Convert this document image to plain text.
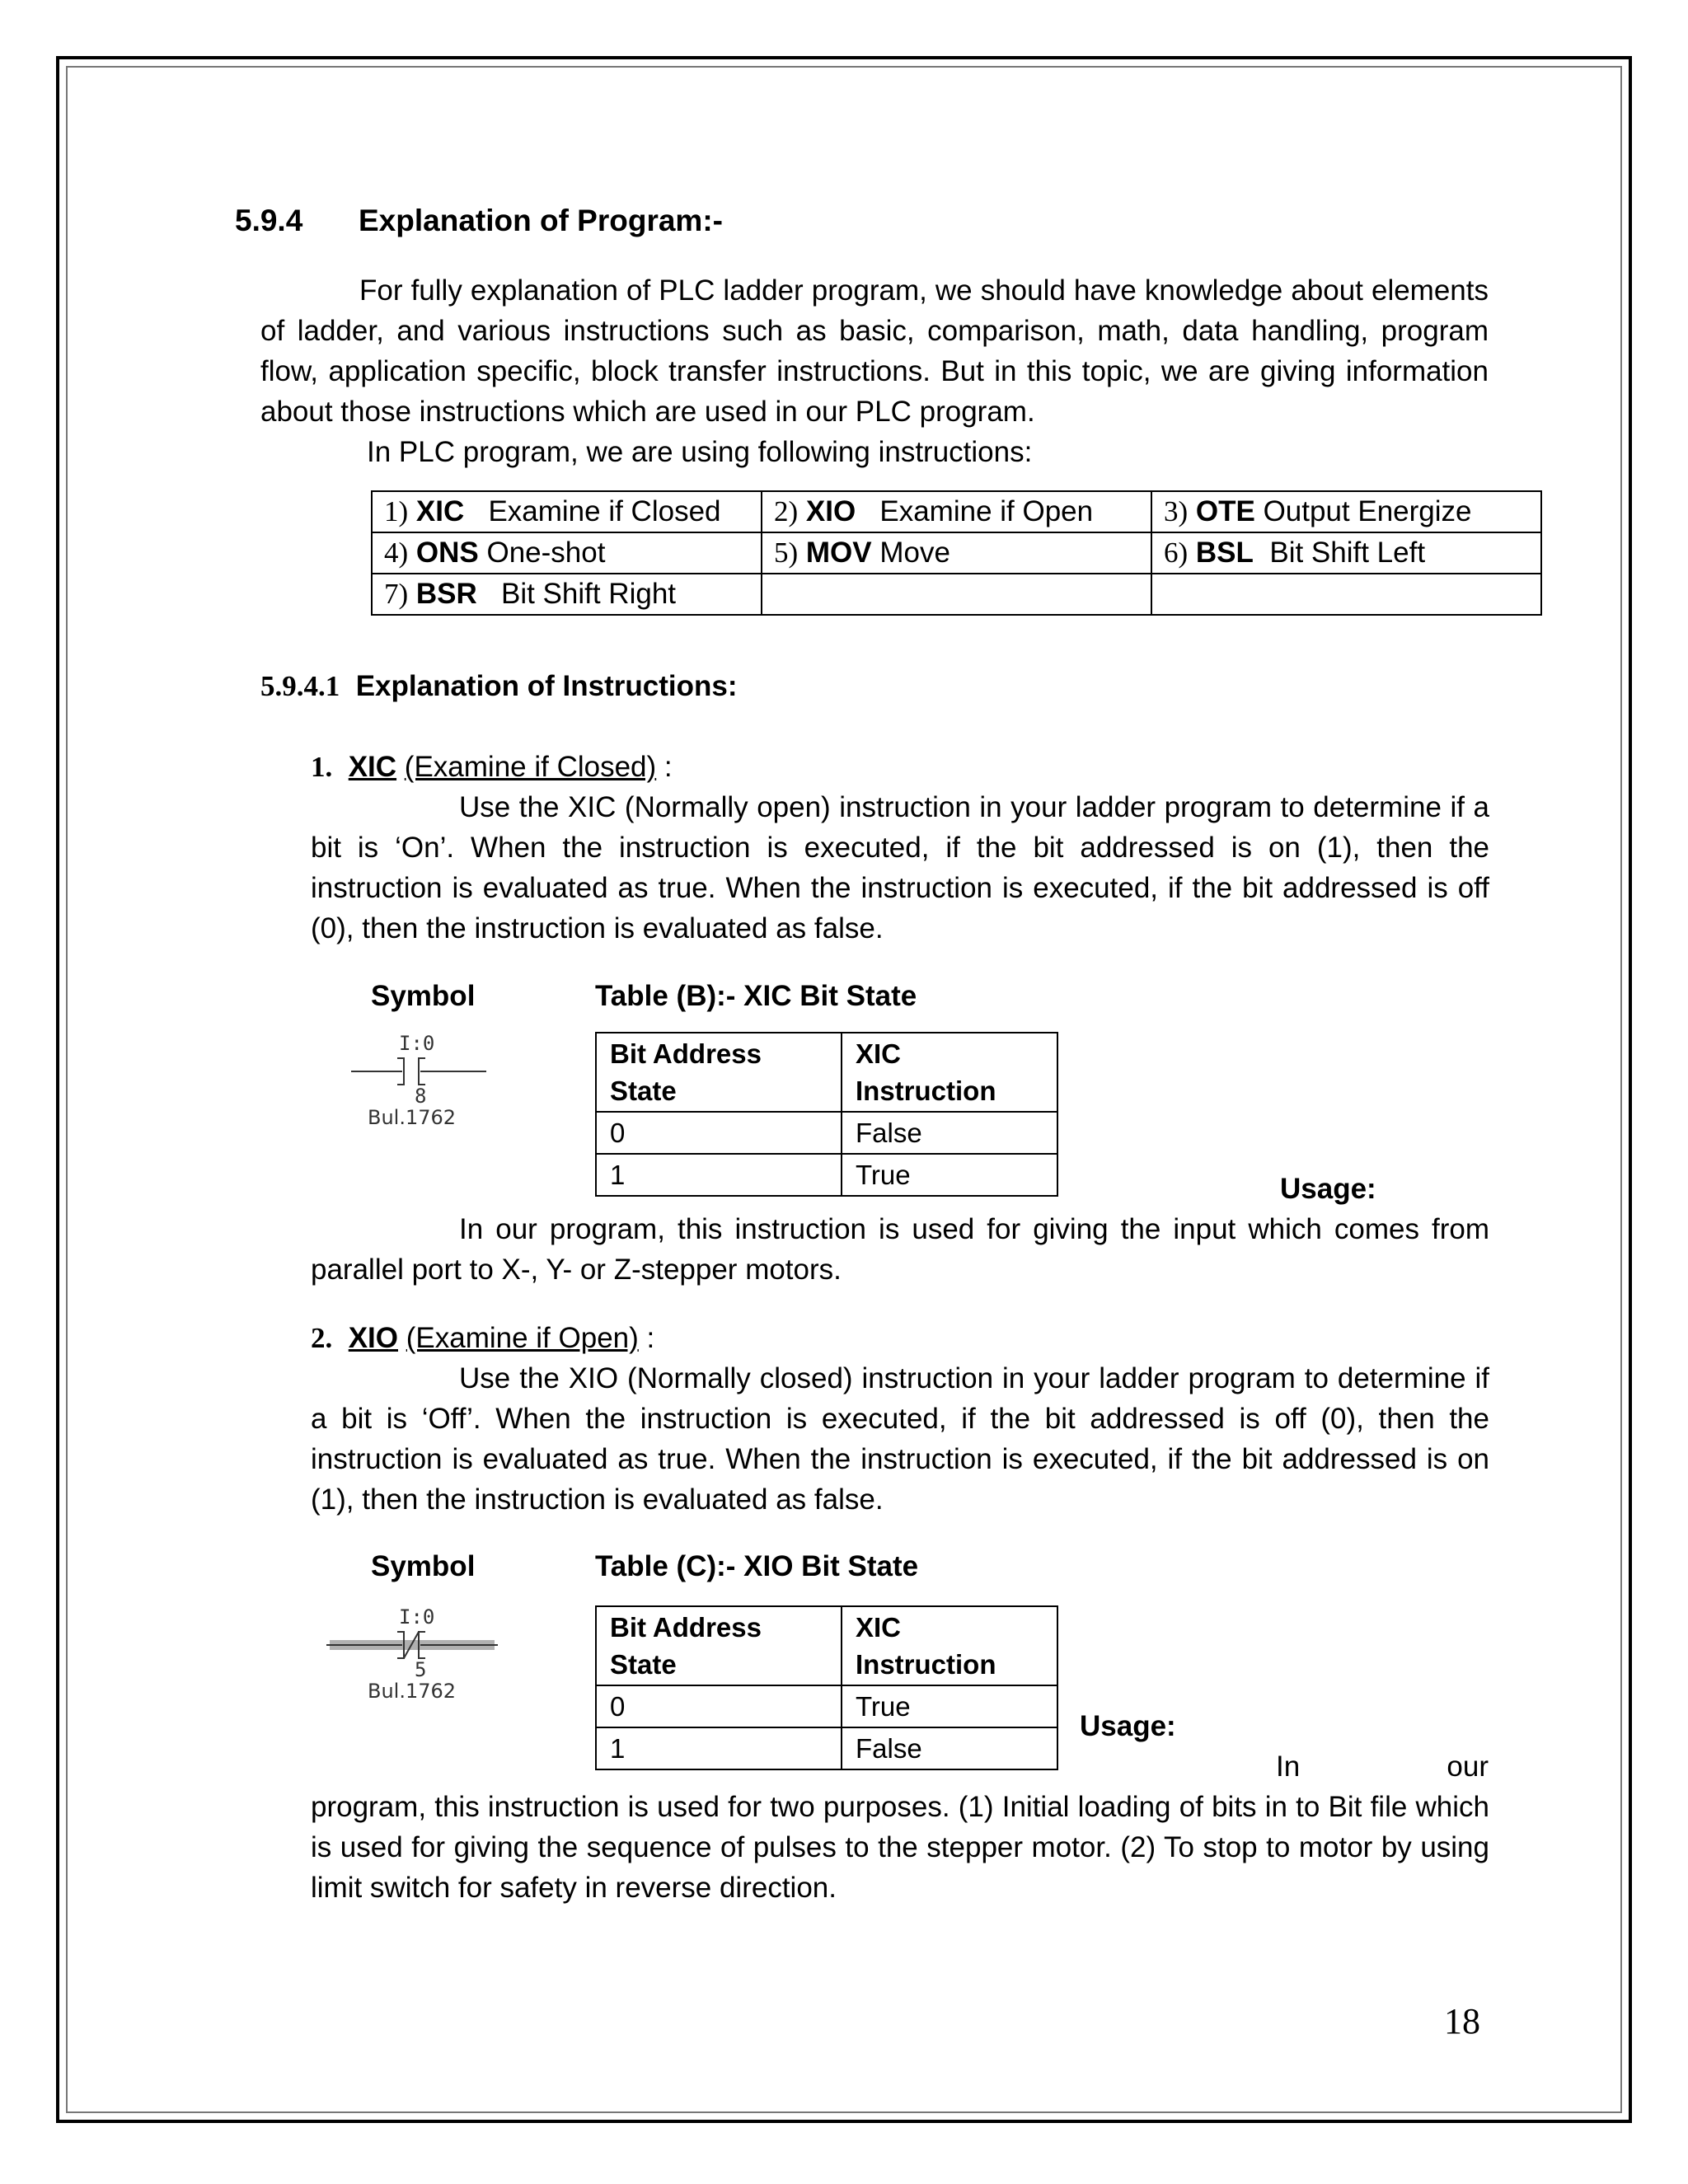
5.9.4 Explanation of Program:-
For fully explanation of PLC ladder program, we should have knowledge about elements of ladder, and various instructions such as basic, comparison, math, data handling, program flow, application specific, block transfer instructions. But in this topic, we are giving information about those instructions which are used in our PLC program.
In PLC program, we are using following instructions:
1) XIC Examine if Closed	2) XIO Examine if Open	3) OTE Output Energize
4) ONS One-shot	5) MOV Move	6) BSL Bit Shift Left
7) BSR Bit Shift Right		
5.9.4.1 Explanation of Instructions:
1. XIC (Examine if Closed) :
Use the XIC (Normally open) instruction in your ladder program to determine if a bit is ‘On’. When the instruction is executed, if the bit addressed is on (1), then the instruction is evaluated as true. When the instruction is executed, if the bit addressed is off (0), then the instruction is evaluated as false.
Symbol	Table (B):- XIC Bit State
I:0
8
Bul.1762
Bit Address State	XIC Instruction
0	False
1	True	Usage:
In our program, this instruction is used for giving the input which comes from parallel port to X-, Y- or Z-stepper motors.
2. XIO (Examine if Open) :
Use the XIO (Normally closed) instruction in your ladder program to determine if a bit is ‘Off’. When the instruction is executed, if the bit addressed is off (0), then the instruction is evaluated as true. When the instruction is executed, if the bit addressed is on (1), then the instruction is evaluated as false.
Symbol	Table (C):- XIO Bit State
I:0
5
Bul.1762
Bit Address State	XIC Instruction
0	True
1	False
Usage:
In our
program, this instruction is used for two purposes. (1) Initial loading of bits in to Bit file which is used for giving the sequence of pulses to the stepper motor. (2) To stop to motor by using limit switch for safety in reverse direction.
18
